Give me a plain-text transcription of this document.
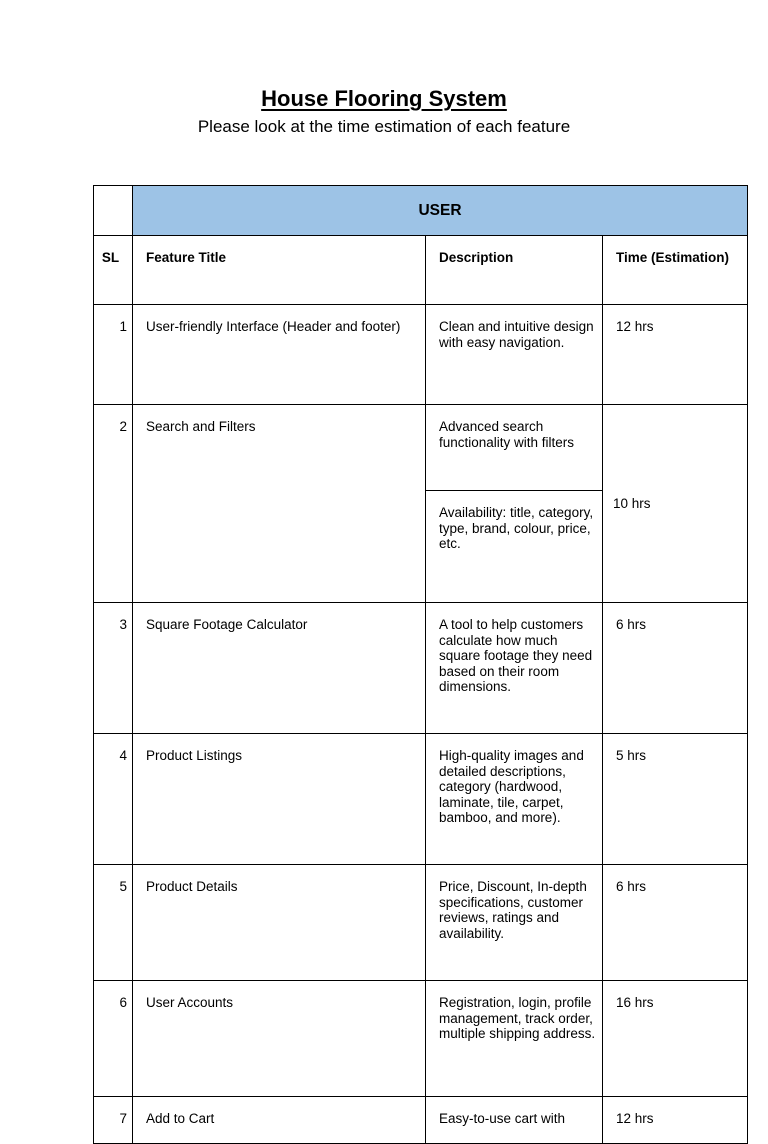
House Flooring System
Please look at the time estimation of each feature
	USER		
SL	Feature Title	Description	Time (Estimation)
1	User-friendly Interface (Header and footer)	Clean and intuitive design with easy navigation.	12 hrs
2	Search and Filters	Advanced search functionality with filters	10 hrs
		Availability: title, category, type, brand, colour, price, etc.	
3	Square Footage Calculator	A tool to help customers calculate how much square footage they need based on their room dimensions.	6 hrs
4	Product Listings	High-quality images and detailed descriptions, category (hardwood, laminate, tile, carpet, bamboo, and more).	5 hrs
5	Product Details	Price, Discount, In-depth specifications, customer reviews, ratings and availability.	6 hrs
6	User Accounts	Registration, login, profile management, track order, multiple shipping address.	16 hrs
7	Add to Cart	Easy-to-use cart with	12 hrs
